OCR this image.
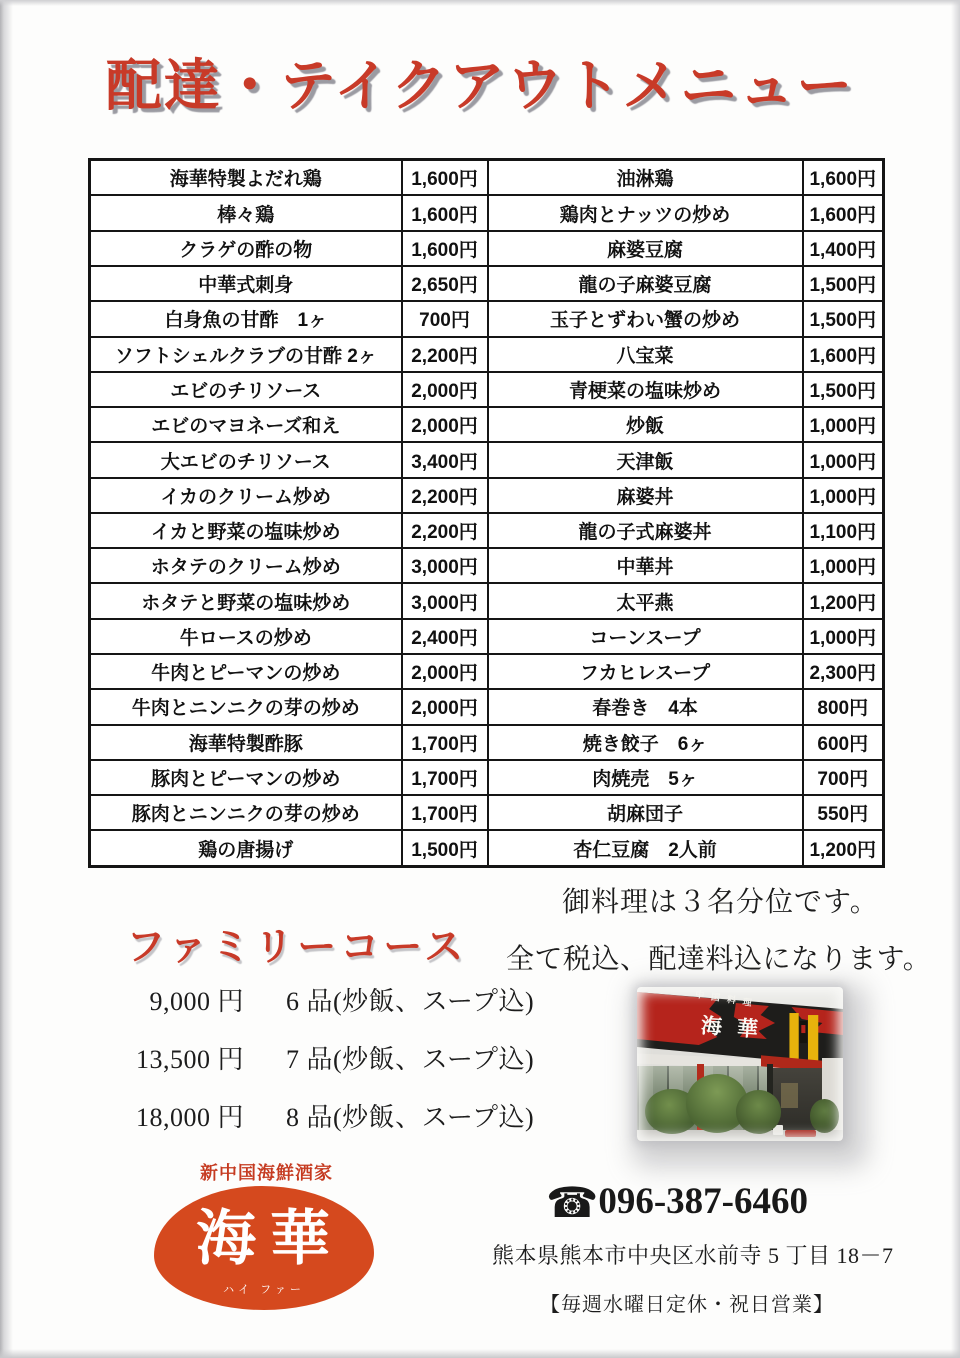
配達・テイクアウトメニュー
海華特製よだれ鶏	1,600円	油淋鶏	1,600円
棒々鶏	1,600円	鶏肉とナッツの炒め	1,600円
クラゲの酢の物	1,600円	麻婆豆腐	1,400円
中華式刺身	2,650円	龍の子麻婆豆腐	1,500円
白身魚の甘酢　1ヶ	700円	玉子とずわい蟹の炒め	1,500円
ソフトシェルクラブの甘酢 2ヶ	2,200円	八宝菜	1,600円
エビのチリソース	2,000円	青梗菜の塩味炒め	1,500円
エビのマヨネーズ和え	2,000円	炒飯	1,000円
大エビのチリソース	3,400円	天津飯	1,000円
イカのクリーム炒め	2,200円	麻婆丼	1,000円
イカと野菜の塩味炒め	2,200円	龍の子式麻婆丼	1,100円
ホタテのクリーム炒め	3,000円	中華丼	1,000円
ホタテと野菜の塩味炒め	3,000円	太平燕	1,200円
牛ロースの炒め	2,400円	コーンスープ	1,000円
牛肉とピーマンの炒め	2,000円	フカヒレスープ	2,300円
牛肉とニンニクの芽の炒め	2,000円	春巻き　4本	800円
海華特製酢豚	1,700円	焼き餃子　6ヶ	600円
豚肉とピーマンの炒め	1,700円	肉焼売　5ヶ	700円
豚肉とニンニクの芽の炒め	1,700円	胡麻団子	550円
鶏の唐揚げ	1,500円	杏仁豆腐　2人前	1,200円
御料理は３名分位です。
全て税込、配達料込になります。
ファミリーコース
9,000 円 6 品(炒飯、スープ込)
13,500 円 7 品(炒飯、スープ込)
18,000 円 8 品(炒飯、スープ込)
中国料理
海華
新中国海鮮酒家
海華
ハイ ファー
☎096-387-6460
熊本県熊本市中央区水前寺 5 丁目 18－7
【毎週水曜日定休・祝日営業】
